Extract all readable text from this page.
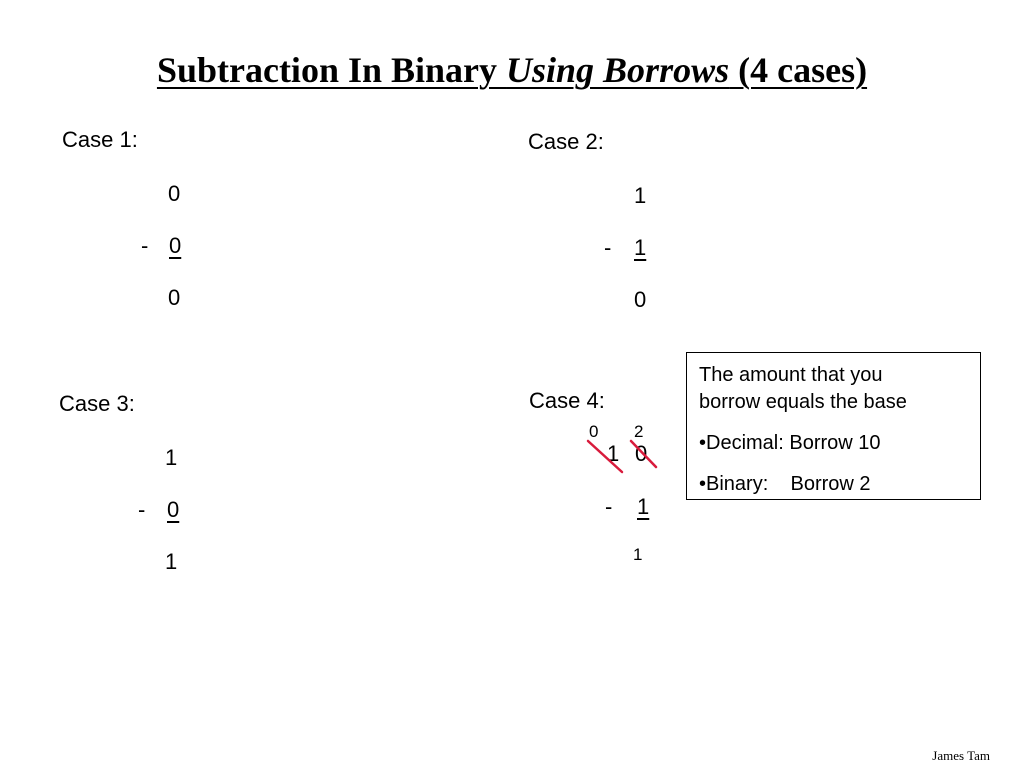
Subtraction In Binary Using Borrows (4 cases)
Case 1:
0
- 0
0
Case 2:
1
- 1
0
Case 3:
1
- 0
1
Case 4:
0 2
1 0
- 1
1
The amount that you
borrow equals the base
•Decimal: Borrow 10
•Binary:    Borrow 2
James Tam
